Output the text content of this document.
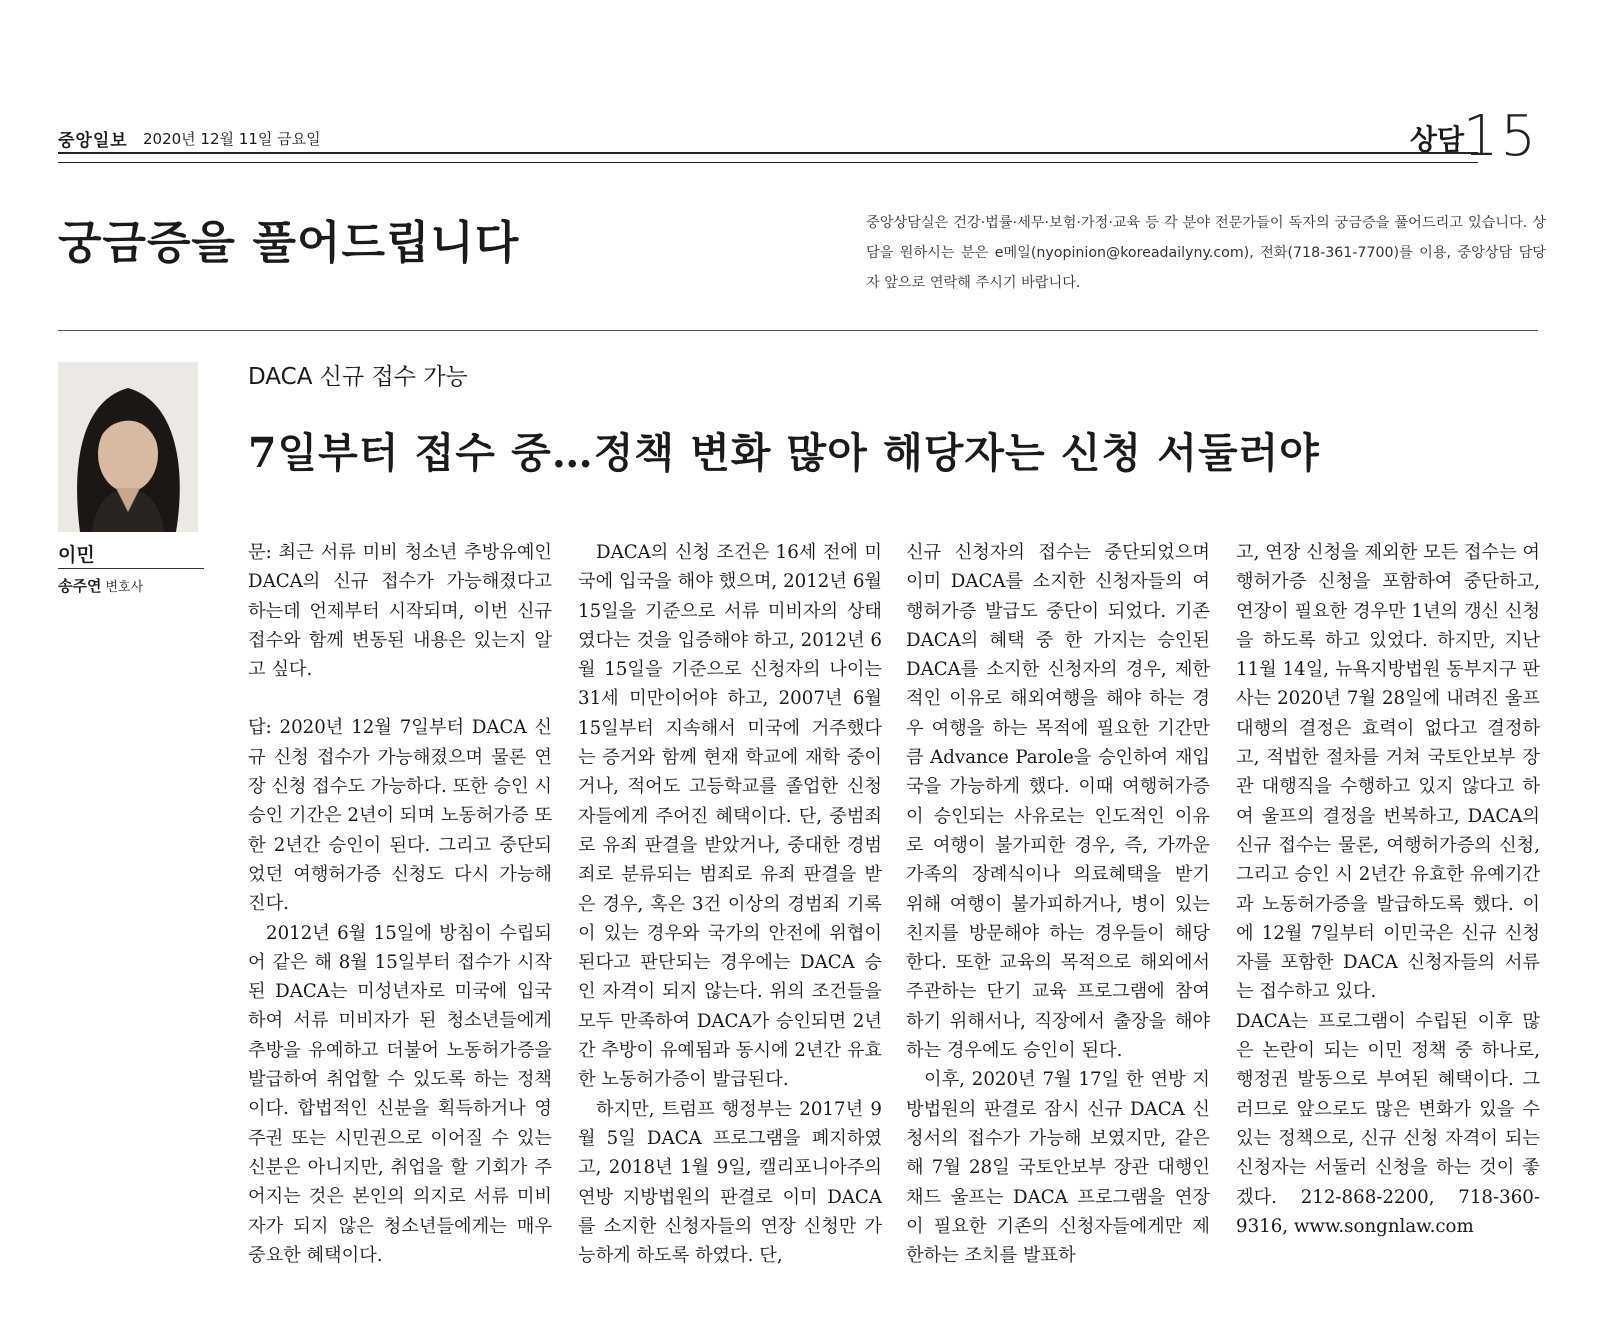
중앙일보 2020년 12월 11일 금요일	상담
15
궁금증을 풀어드립니다	중앙상담실은 건강·법률·세무·보험·가정·교육 등 각 분야 전문가들이 독자의 궁금증을 풀어드리고 있습니다. 상담을 원하시는 분은 e메일(nyopinion@koreadailyny.com), 전화(718-361-7700)를 이용, 중앙상담 담당자 앞으로 연락해 주시기 바랍니다.
이민
송주연 변호사
DACA 신규 접수 가능
7일부터 접수 중…정책 변화 많아 해당자는 신청 서둘러야

문: 최근 서류 미비 청소년 추방유예인 DACA의 신규 접수가 가능해졌다고 하는데 언제부터 시작되며, 이번 신규 접수와 함께 변동된 내용은 있는지 알고 싶다.

답: 2020년 12월 7일부터 DACA 신규 신청 접수가 가능해졌으며 물론 연장 신청 접수도 가능하다. 또한 승인 시 승인 기간은 2년이 되며 노동허가증 또한 2년간 승인이 된다. 그리고 중단되었던 여행허가증 신청도 다시 가능해진다.

2012년 6월 15일에 방침이 수립되어 같은 해 8월 15일부터 접수가 시작된 DACA는 미성년자로 미국에 입국하여 서류 미비자가 된 청소년들에게 추방을 유예하고 더불어 노동허가증을 발급하여 취업할 수 있도록 하는 정책이다. 합법적인 신분을 획득하거나 영주권 또는 시민권으로 이어질 수 있는 신분은 아니지만, 취업을 할 기회가 주어지는 것은 본인의 의지로 서류 미비자가 되지 않은 청소년들에게는 매우 중요한 혜택이다.

DACA의 신청 조건은 16세 전에 미국에 입국을 해야 했으며, 2012년 6월 15일을 기준으로 서류 미비자의 상태였다는 것을 입증해야 하고, 2012년 6월 15일을 기준으로 신청자의 나이는 31세 미만이어야 하고, 2007년 6월 15일부터 지속해서 미국에 거주했다는 증거와 함께 현재 학교에 재학 중이거나, 적어도 고등학교를 졸업한 신청자들에게 주어진 혜택이다. 단, 중범죄로 유죄 판결을 받았거나, 중대한 경범죄로 분류되는 범죄로 유죄 판결을 받은 경우, 혹은 3건 이상의 경범죄 기록이 있는 경우와 국가의 안전에 위협이 된다고 판단되는 경우에는 DACA 승인 자격이 되지 않는다. 위의 조건들을 모두 만족하여 DACA가 승인되면 2년간 추방이 유예됨과 동시에 2년간 유효한 노동허가증이 발급된다.

하지만, 트럼프 행정부는 2017년 9월 5일 DACA 프로그램을 폐지하였고, 2018년 1월 9일, 캘리포니아주의 연방 지방법원의 판결로 이미 DACA를 소지한 신청자들의 연장 신청만 가능하게 하도록 하였다. 단,

신규 신청자의 접수는 중단되었으며 이미 DACA를 소지한 신청자들의 여행허가증 발급도 중단이 되었다. 기존 DACA의 혜택 중 한 가지는 승인된 DACA를 소지한 신청자의 경우, 제한적인 이유로 해외여행을 해야 하는 경우 여행을 하는 목적에 필요한 기간만큼 Advance Parole을 승인하여 재입국을 가능하게 했다. 이때 여행허가증이 승인되는 사유로는 인도적인 이유로 여행이 불가피한 경우, 즉, 가까운 가족의 장례식이나 의료혜택을 받기 위해 여행이 불가피하거나, 병이 있는 친지를 방문해야 하는 경우들이 해당한다. 또한 교육의 목적으로 해외에서 주관하는 단기 교육 프로그램에 참여하기 위해서나, 직장에서 출장을 해야 하는 경우에도 승인이 된다.

이후, 2020년 7월 17일 한 연방 지방법원의 판결로 잠시 신규 DACA 신청서의 접수가 가능해 보였지만, 같은 해 7월 28일 국토안보부 장관 대행인 채드 울프는 DACA 프로그램을 연장이 필요한 기존의 신청자들에게만 제한하는 조치를 발표하

고, 연장 신청을 제외한 모든 접수는 여행허가증 신청을 포함하여 중단하고, 연장이 필요한 경우만 1년의 갱신 신청을 하도록 하고 있었다. 하지만, 지난 11월 14일, 뉴욕지방법원 동부지구 판사는 2020년 7월 28일에 내려진 울프 대행의 결정은 효력이 없다고 결정하고, 적법한 절차를 거쳐 국토안보부 장관 대행직을 수행하고 있지 않다고 하여 울프의 결정을 번복하고, DACA의 신규 접수는 물론, 여행허가증의 신청, 그리고 승인 시 2년간 유효한 유예기간과 노동허가증을 발급하도록 했다. 이에 12월 7일부터 이민국은 신규 신청자를 포함한 DACA 신청자들의 서류는 접수하고 있다.

DACA는 프로그램이 수립된 이후 많은 논란이 되는 이민 정책 중 하나로, 행정권 발동으로 부여된 혜택이다. 그러므로 앞으로도 많은 변화가 있을 수 있는 정책으로, 신규 신청 자격이 되는 신청자는 서둘러 신청을 하는 것이 좋겠다. 212-868-2200, 718-360-9316, www.songnlaw.com
